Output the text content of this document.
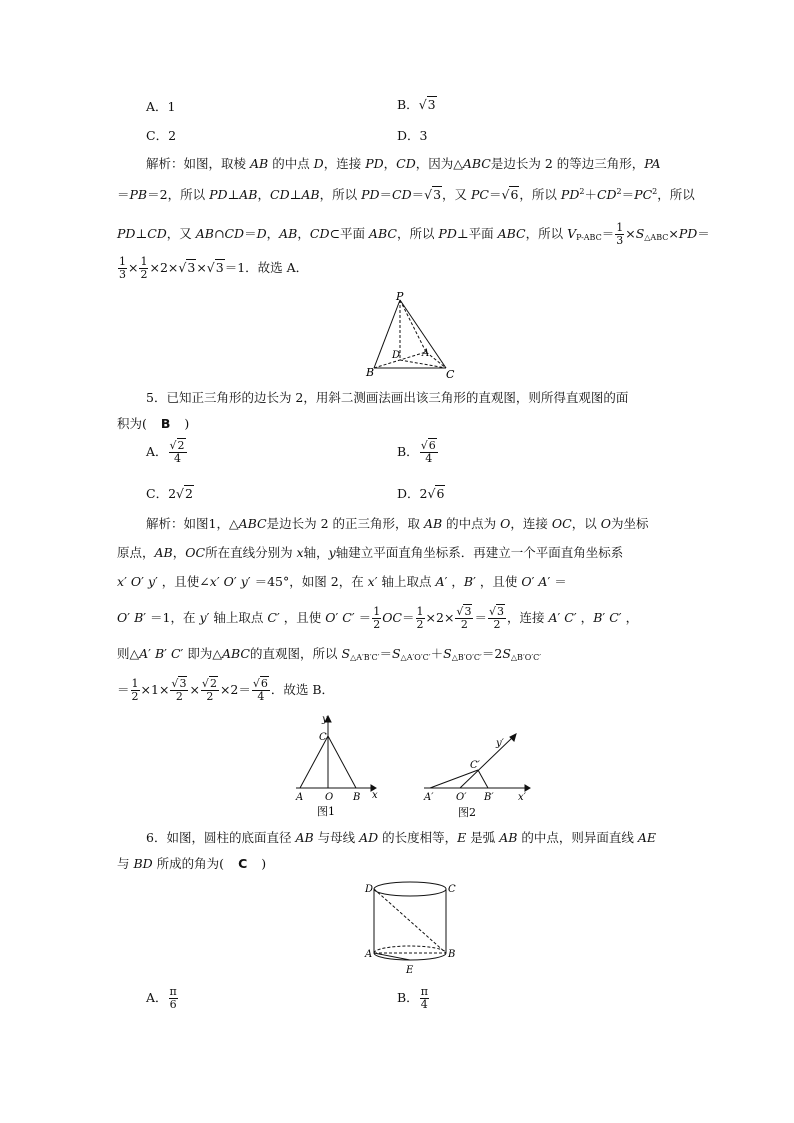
A．1	B．√3
C．2	D．3
解析：如图，取棱 AB 的中点 D，连接 PD，CD，因为△ABC是边长为 2 的等边三角形，PA
＝PB＝2，所以 PD⊥AB，CD⊥AB，所以 PD＝CD＝√3，又 PC＝√6，所以 $PD^2+CD^2=PC^2$，所以
PD⊥CD，又 AB∩CD＝D，AB，CD⊂平面 ABC，所以 PD⊥平面 ABC，所以 $V_{P-ABC}= \frac{1}{3} \times S_{\triangle ABC}\times PD=$
$\frac{1}{3} \times \frac{1}{2} \times 2\times√3\times√3=1$．故选 A．
P
B	C
D A
5．已知正三角形的边长为 2，用斜二测画法画出该三角形的直观图，则所得直观图的面
积为( B )
A． $\frac{√2}{4}$	B． $\frac{√6}{4}$
C．2√2	D．2√6
解析：如图1，△ABC是边长为 2 的正三角形，取 AB 的中点为 O，连接 OC，以 O为坐标
原点，AB，OC所在直线分别为 x轴，y轴建立平面直角坐标系．再建立一个平面直角坐标系
x′ O′ y′ ，且使∠x′ O′ y′ ＝45°，如图 2，在 x′ 轴上取点 A′ ，B′ ，且使 O′ A′ ＝
O′ B′ ＝1，在 y′ 轴上取点 C′ ，且使 O′ $C' = \frac{1}{2} OC= \frac{1}{2} \times 2\times \frac{√3}{2} = \frac{√3}{2}$ ，连接 A′ C′ ，B′ C′ ，
则△A′ B′ C′ 即为△ABC的直观图，所以 $S_{\triangle A'B'C'}=S_{\triangle A'O'C'}+S_{\triangle B'O'C'}=2S_{\triangle B'O'C'}$
＝ $\frac{1}{2} \times 1\times \frac{√3}{2} \times \frac{√2}{2} \times 2= \frac{√6}{4}$ ．故选 B．
y
C
A O B x
图1
y′
C′
A′ O′ B′ x′
图2
6．如图，圆柱的底面直径 AB 与母线 AD 的长度相等，E 是弧 AB 的中点，则异面直线 AE
与 BD 所成的角为( C )
D	C
A	B
E
A． $\frac{\pi}{6}$	B． $\frac{\pi}{4}$
